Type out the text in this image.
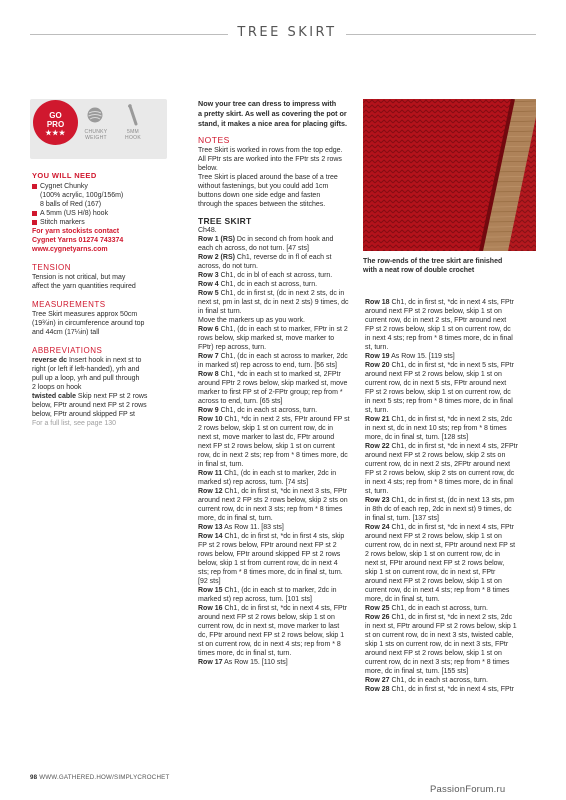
TREE SKIRT
GO
PRO
★★★	CHUNKY
WEIGHT
5MM
HOOK
YOU WILL NEED
Cygnet Chunky
(100% acrylic, 100g/156m)
8 balls of Red (167)
A 5mm (US H/8) hook
Stitch markers
For yarn stockists contact
Cygnet Yarns 01274 743374
www.cygnetyarns.com
TENSION
Tension is not critical, but may
affect the yarn quantities required
MEASUREMENTS
Tree Skirt measures approx 50cm
(19¾in) in circumference around top
and 44cm (17¼in) tall
ABBREVIATIONS
reverse dc Insert hook in next st to
right (or left if left-handed), yrh and
pull up a loop, yrh and pull through
2 loops on hook
twisted cable Skip next FP st 2 rows
below, FPtr around next FP st 2 rows
below, FPtr around skipped FP st
For a full list, see page 130
Now your tree can dress to impress with
a pretty skirt. As well as covering the pot or
stand, it makes a nice area for placing gifts.
NOTES
Tree Skirt is worked in rows from the top edge.
All FPtr sts are worked into the FPtr sts 2 rows
below.
Tree Skirt is placed around the base of a tree
without fastenings, but you could add 1cm
buttons down one side edge and fasten
through the spaces between the stitches.
TREE SKIRT
Ch48.
Row 1 (RS) Dc in second ch from hook and
each ch across, do not turn. [47 sts]
Row 2 (RS) Ch1, reverse dc in fl of each st
across, do not turn.
Row 3 Ch1, dc in bl of each st across, turn.
Row 4 Ch1, dc in each st across, turn.
Row 5 Ch1, dc in first st, (dc in next 2 sts, dc in
next st, pm in last st, dc in next 2 sts) 9 times, dc
in final st turn.
Move the markers up as you work.
Row 6 Ch1, (dc in each st to marker, FPtr in st 2
rows below, skip marked st, move marker to
FPtr) rep across, turn.
Row 7 Ch1, (dc in each st across to marker, 2dc
in marked st) rep across to end, turn. [56 sts]
Row 8 Ch1, *dc in each st to marked st, 2FPtr
around FPtr 2 rows below, skip marked st, move
marker to first FP st of 2-FPtr group; rep from *
across to end, turn. [65 sts]
Row 9 Ch1, dc in each st across, turn.
Row 10 Ch1, *dc in next 2 sts, FPtr around FP st
2 rows below, skip 1 st on current row, dc in
next st, move marker to last dc, FPtr around
next FP st 2 rows below, skip 1 st on current
row, dc in next 2 sts; rep from * 8 times more, dc
in final st, turn.
Row 11 Ch1, (dc in each st to marker, 2dc in
marked st) rep across, turn. [74 sts]
Row 12 Ch1, dc in first st, *dc in next 3 sts, FPtr
around next 2 FP sts 2 rows below, skip 2 sts on
current row, dc in next 3 sts; rep from * 8 times
more, dc in final st, turn.
Row 13 As Row 11. [83 sts]
Row 14 Ch1, dc in first st, *dc in first 4 sts, skip
FP st 2 rows below, FPtr around next FP st 2
rows below, FPtr around skipped FP st 2 rows
below, skip 1 st from current row, dc in next 4
sts; rep from * 8 times more, dc in final st, turn.
[92 sts]
Row 15 Ch1, (dc in each st to marker, 2dc in
marked st) rep across, turn. [101 sts]
Row 16 Ch1, dc in first st, *dc in next 4 sts, FPtr
around next FP st 2 rows below, skip 1 st on
current row, dc in next st, move marker to last
dc, FPtr around next FP st 2 rows below, skip 1
st on current row, dc in next 4 sts; rep from * 8
times more, dc in final st, turn.
Row 17 As Row 15. [110 sts]
The row-ends of the tree skirt are finished
with a neat row of double crochet
Row 18 Ch1, dc in first st, *dc in next 4 sts, FPtr
around next FP st 2 rows below, skip 1 st on
current row, dc in next 2 sts, FPtr around next
FP st 2 rows below, skip 1 st on current row, dc
in next 4 sts; rep from * 8 times more, dc in final
st, turn.
Row 19 As Row 15. [119 sts]
Row 20 Ch1, dc in first st, *dc in next 5 sts, FPtr
around next FP st 2 rows below, skip 1 st on
current row, dc in next 5 sts, FPtr around next
FP st 2 rows below, skip 1 st on current row, dc
in next 5 sts; rep from * 8 times more, dc in final
st, turn.
Row 21 Ch1, dc in first st, *dc in next 2 sts, 2dc
in next st, dc in next 10 sts; rep from * 8 times
more, dc in final st, turn. [128 sts]
Row 22 Ch1, dc in first st, *dc in next 4 sts, 2FPtr
around next FP st 2 rows below, skip 2 sts on
current row, dc in next 2 sts, 2FPtr around next
FP st 2 rows below, skip 2 sts on current row, dc
in next 4 sts; rep from * 8 times more, dc in final
st, turn.
Row 23 Ch1, dc in first st, (dc in next 13 sts, pm
in 8th dc of each rep, 2dc in next st) 9 times, dc
in final st, turn. [137 sts]
Row 24 Ch1, dc in first st, *dc in next 4 sts, FPtr
around next FP st 2 rows below, skip 1 st on
current row, dc in next st, FPtr around next FP st
2 rows below, skip 1 st on current row, dc in
next st, FPtr around next FP st 2 rows below,
skip 1 st on current row, dc in next st, FPtr
around next FP st 2 rows below, skip 1 st on
current row, dc in next 4 sts; rep from * 8 times
more, dc in final st, turn.
Row 25 Ch1, dc in each st across, turn.
Row 26 Ch1, dc in first st, *dc in next 2 sts, 2dc
in next st, FPtr around FP st 2 rows below, skip 1
st on current row, dc in next 3 sts, twisted cable,
skip 1 sts on current row, dc in next 3 sts, FPtr
around next FP st 2 rows below, skip 1 st on
current row, dc in next 3 sts; rep from * 8 times
more, dc in final st, turn. [155 sts]
Row 27 Ch1, dc in each st across, turn.
Row 28 Ch1, dc in first st, *dc in next 4 sts, FPtr
98 WWW.GATHERED.HOW/SIMPLYCROCHET
PassionForum.ru
